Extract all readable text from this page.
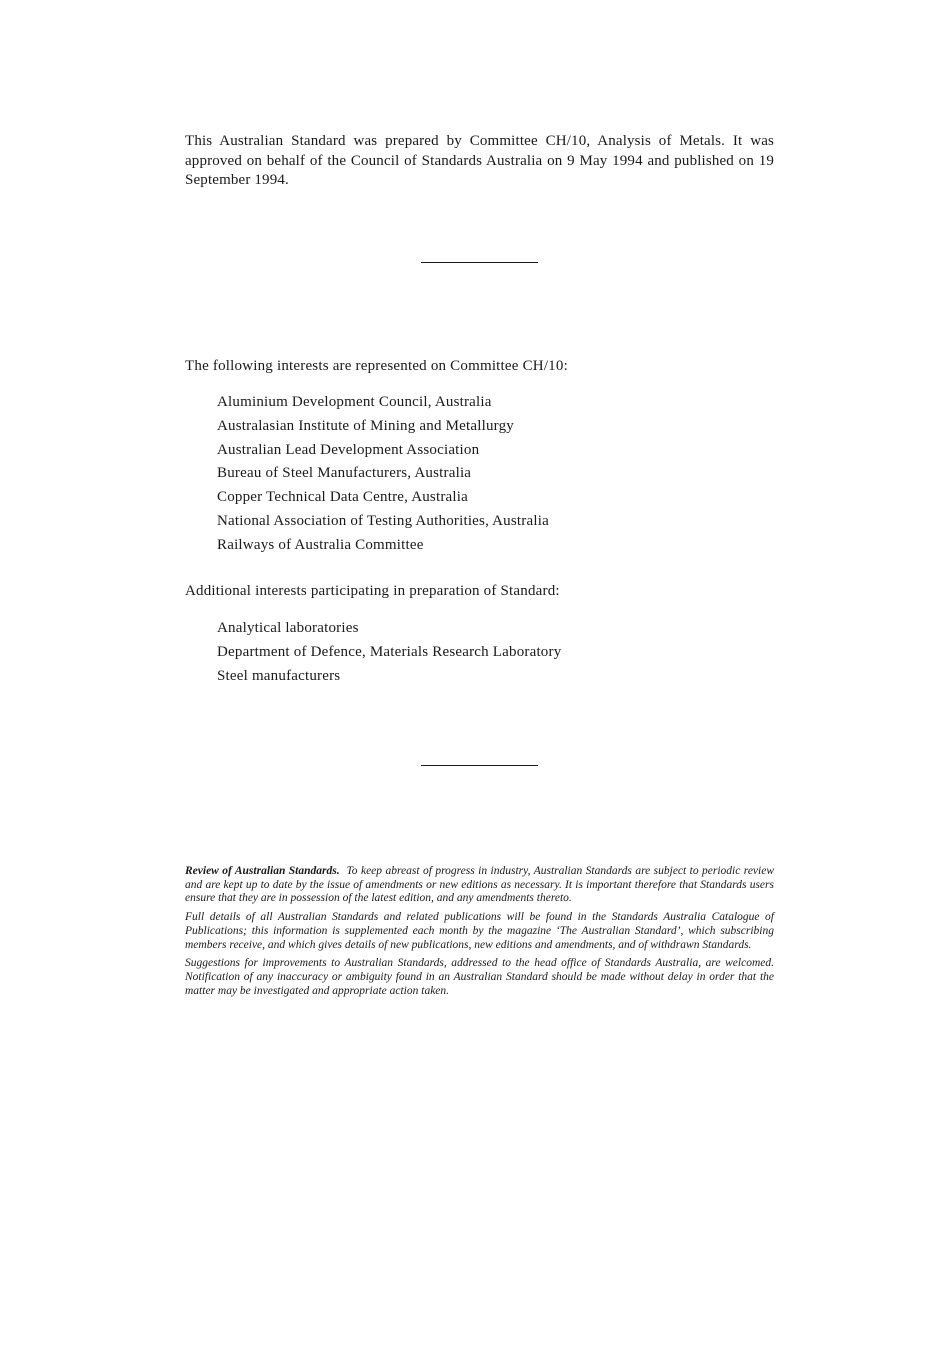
This Australian Standard was prepared by Committee CH/10, Analysis of Metals. It was approved on behalf of the Council of Standards Australia on 9 May 1994 and published on 19 September 1994.

The following interests are represented on Committee CH/10:

Aluminium Development Council, Australia
Australasian Institute of Mining and Metallurgy
Australian Lead Development Association
Bureau of Steel Manufacturers, Australia
Copper Technical Data Centre, Australia
National Association of Testing Authorities, Australia
Railways of Australia Committee

Additional interests participating in preparation of Standard:

Analytical laboratories
Department of Defence, Materials Research Laboratory
Steel manufacturers

Review of Australian Standards. To keep abreast of progress in industry, Australian Standards are subject to periodic review and are kept up to date by the issue of amendments or new editions as necessary. It is important therefore that Standards users ensure that they are in possession of the latest edition, and any amendments thereto.

Full details of all Australian Standards and related publications will be found in the Standards Australia Catalogue of Publications; this information is supplemented each month by the magazine ‘The Australian Standard’, which subscribing members receive, and which gives details of new publications, new editions and amendments, and of withdrawn Standards.

Suggestions for improvements to Australian Standards, addressed to the head office of Standards Australia, are welcomed. Notification of any inaccuracy or ambiguity found in an Australian Standard should be made without delay in order that the matter may be investigated and appropriate action taken.
